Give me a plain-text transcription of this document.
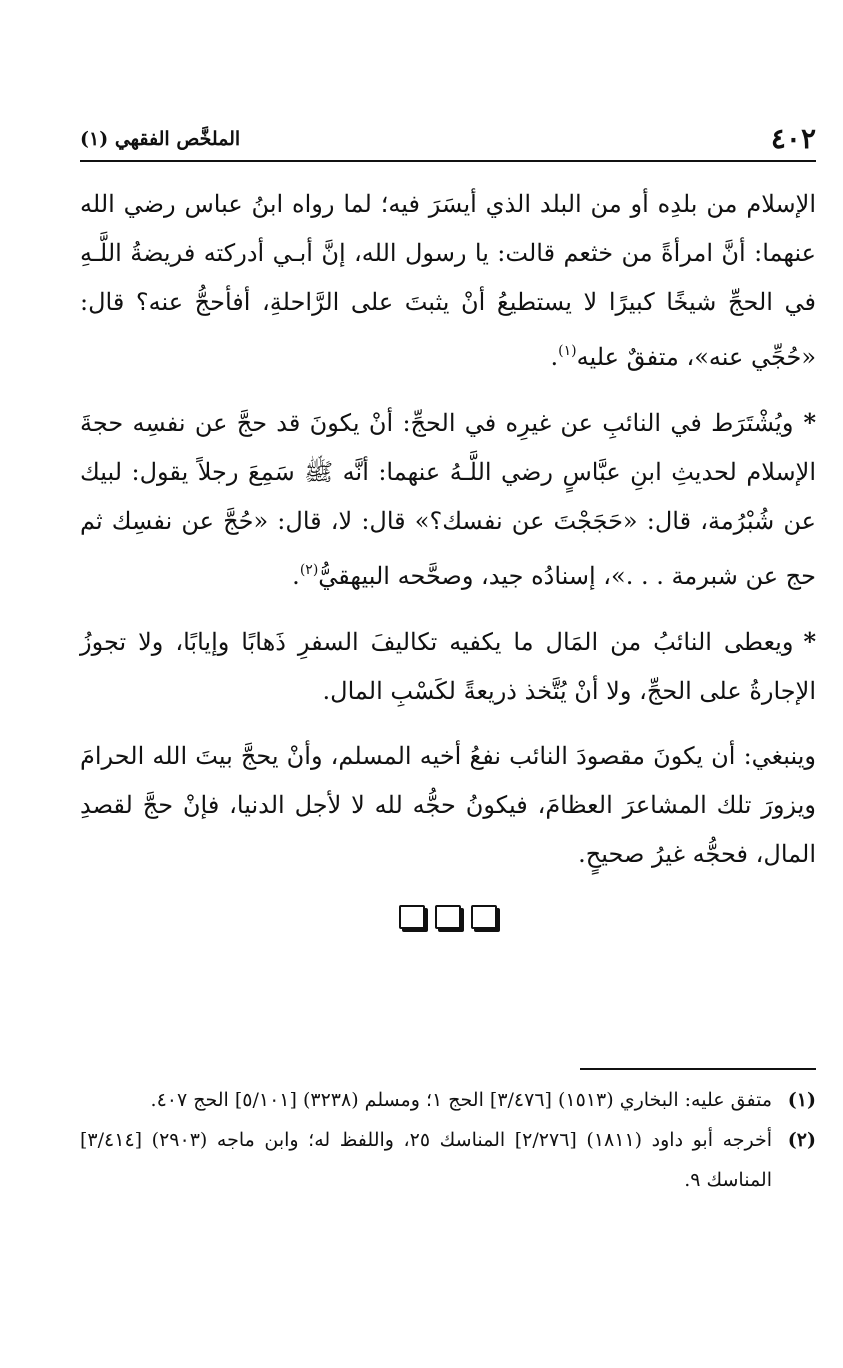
٤٠٢
الملخَّص الفقهي (١)

الإسلام من بلدِه أو من البلد الذي أيسَرَ فيه؛ لما رواه ابنُ عباس رضي الله عنهما: أنَّ امرأةً من خثعم قالت: يا رسول الله، إنَّ أبـي أدركته فريضةُ اللَّـهِ في الحجِّ شيخًا كبيرًا لا يستطيعُ أنْ يثبتَ على الرَّاحلةِ، أفأحجُّ عنه؟ قال: «حُجِّي عنه»، متفقٌ عليه$^{(١)}$.

*ويُشْتَرَط في النائبِ عن غيرِه في الحجِّ: أنْ يكونَ قد حجَّ عن نفسِه حجةَ الإسلام لحديثِ ابنِ عبَّاسٍ رضي اللَّـهُ عنهما: أنَّه ﷺ سَمِعَ رجلاً يقول: لبيك عن شُبْرُمة، قال: «حَجَجْتَ عن نفسك؟» قال: لا، قال: «حُجَّ عن نفسِك ثم حج عن شبرمة . . .»، إسنادُه جيد، وصحَّحه البيهقيُّ$^{(٢)}$.

*ويعطى النائبُ من المَال ما يكفيه تكاليفَ السفرِ ذَهابًا وإيابًا، ولا تجوزُ الإجارةُ على الحجِّ، ولا أنْ يُتَّخذ ذريعةً لكَسْبِ المال.

وينبغي: أن يكونَ مقصودَ النائب نفعُ أخيه المسلم، وأنْ يحجَّ بيتَ الله الحرامَ ويزورَ تلك المشاعرَ العظامَ، فيكونُ حجُّه لله لا لأجل الدنيا، فإنْ حجَّ لقصدِ المال، فحجُّه غيرُ صحيحٍ.

(١)
متفق عليه: البخاري (١٥١٣) [٣/٤٧٦] الحج ١؛ ومسلم (٣٢٣٨) [٥/١٠١] الحج ٤٠٧.

(٢)
أخرجه أبو داود (١٨١١) [٢/٢٧٦] المناسك ٢٥، واللفظ له؛ وابن ماجه (٢٩٠٣) [٣/٤١٤] المناسك ٩.
